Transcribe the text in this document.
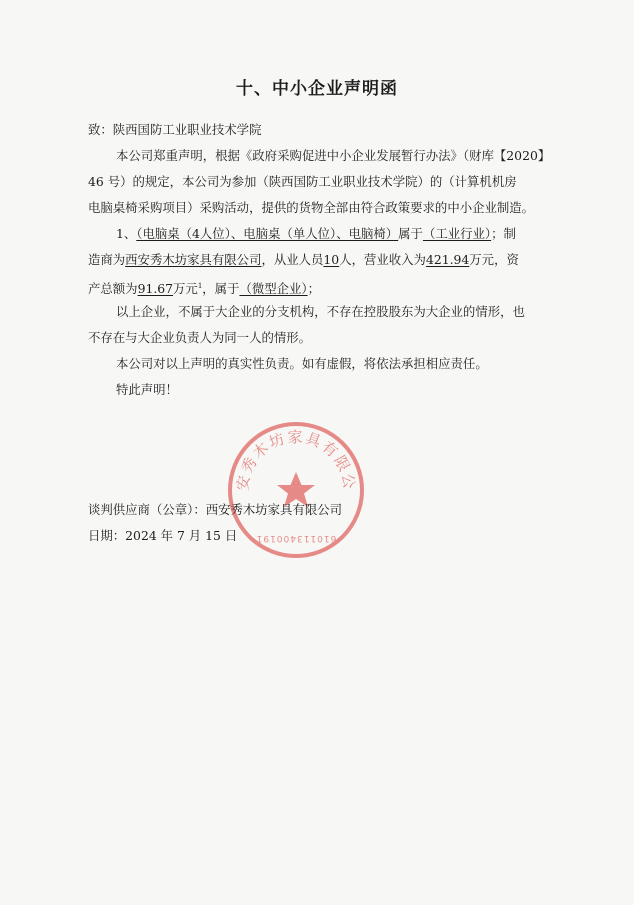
十、中小企业声明函
致：陕西国防工业职业技术学院
本公司郑重声明，根据《政府采购促进中小企业发展暂行办法》（财库【2020】
46 号）的规定，本公司为参加（陕西国防工业职业技术学院）的（计算机机房
电脑桌椅采购项目）采购活动，提供的货物全部由符合政策要求的中小企业制造。
1、（电脑桌（4人位）、电脑桌（单人位）、电脑椅）属于（工业行业）；制
造商为西安秀木坊家具有限公司，从业人员10人，营业收入为421.94万元，资
产总额为91.67万元$^1$，属于（微型企业）；
以上企业，不属于大企业的分支机构，不存在控股股东为大企业的情形，也
不存在与大企业负责人为同一人的情形。
本公司对以上声明的真实性负责。如有虚假，将依法承担相应责任。
特此声明！
610113400191
安秀木坊家具有限公
谈判供应商（公章）：西安秀木坊家具有限公司
日期：2024 年 7 月 15 日
